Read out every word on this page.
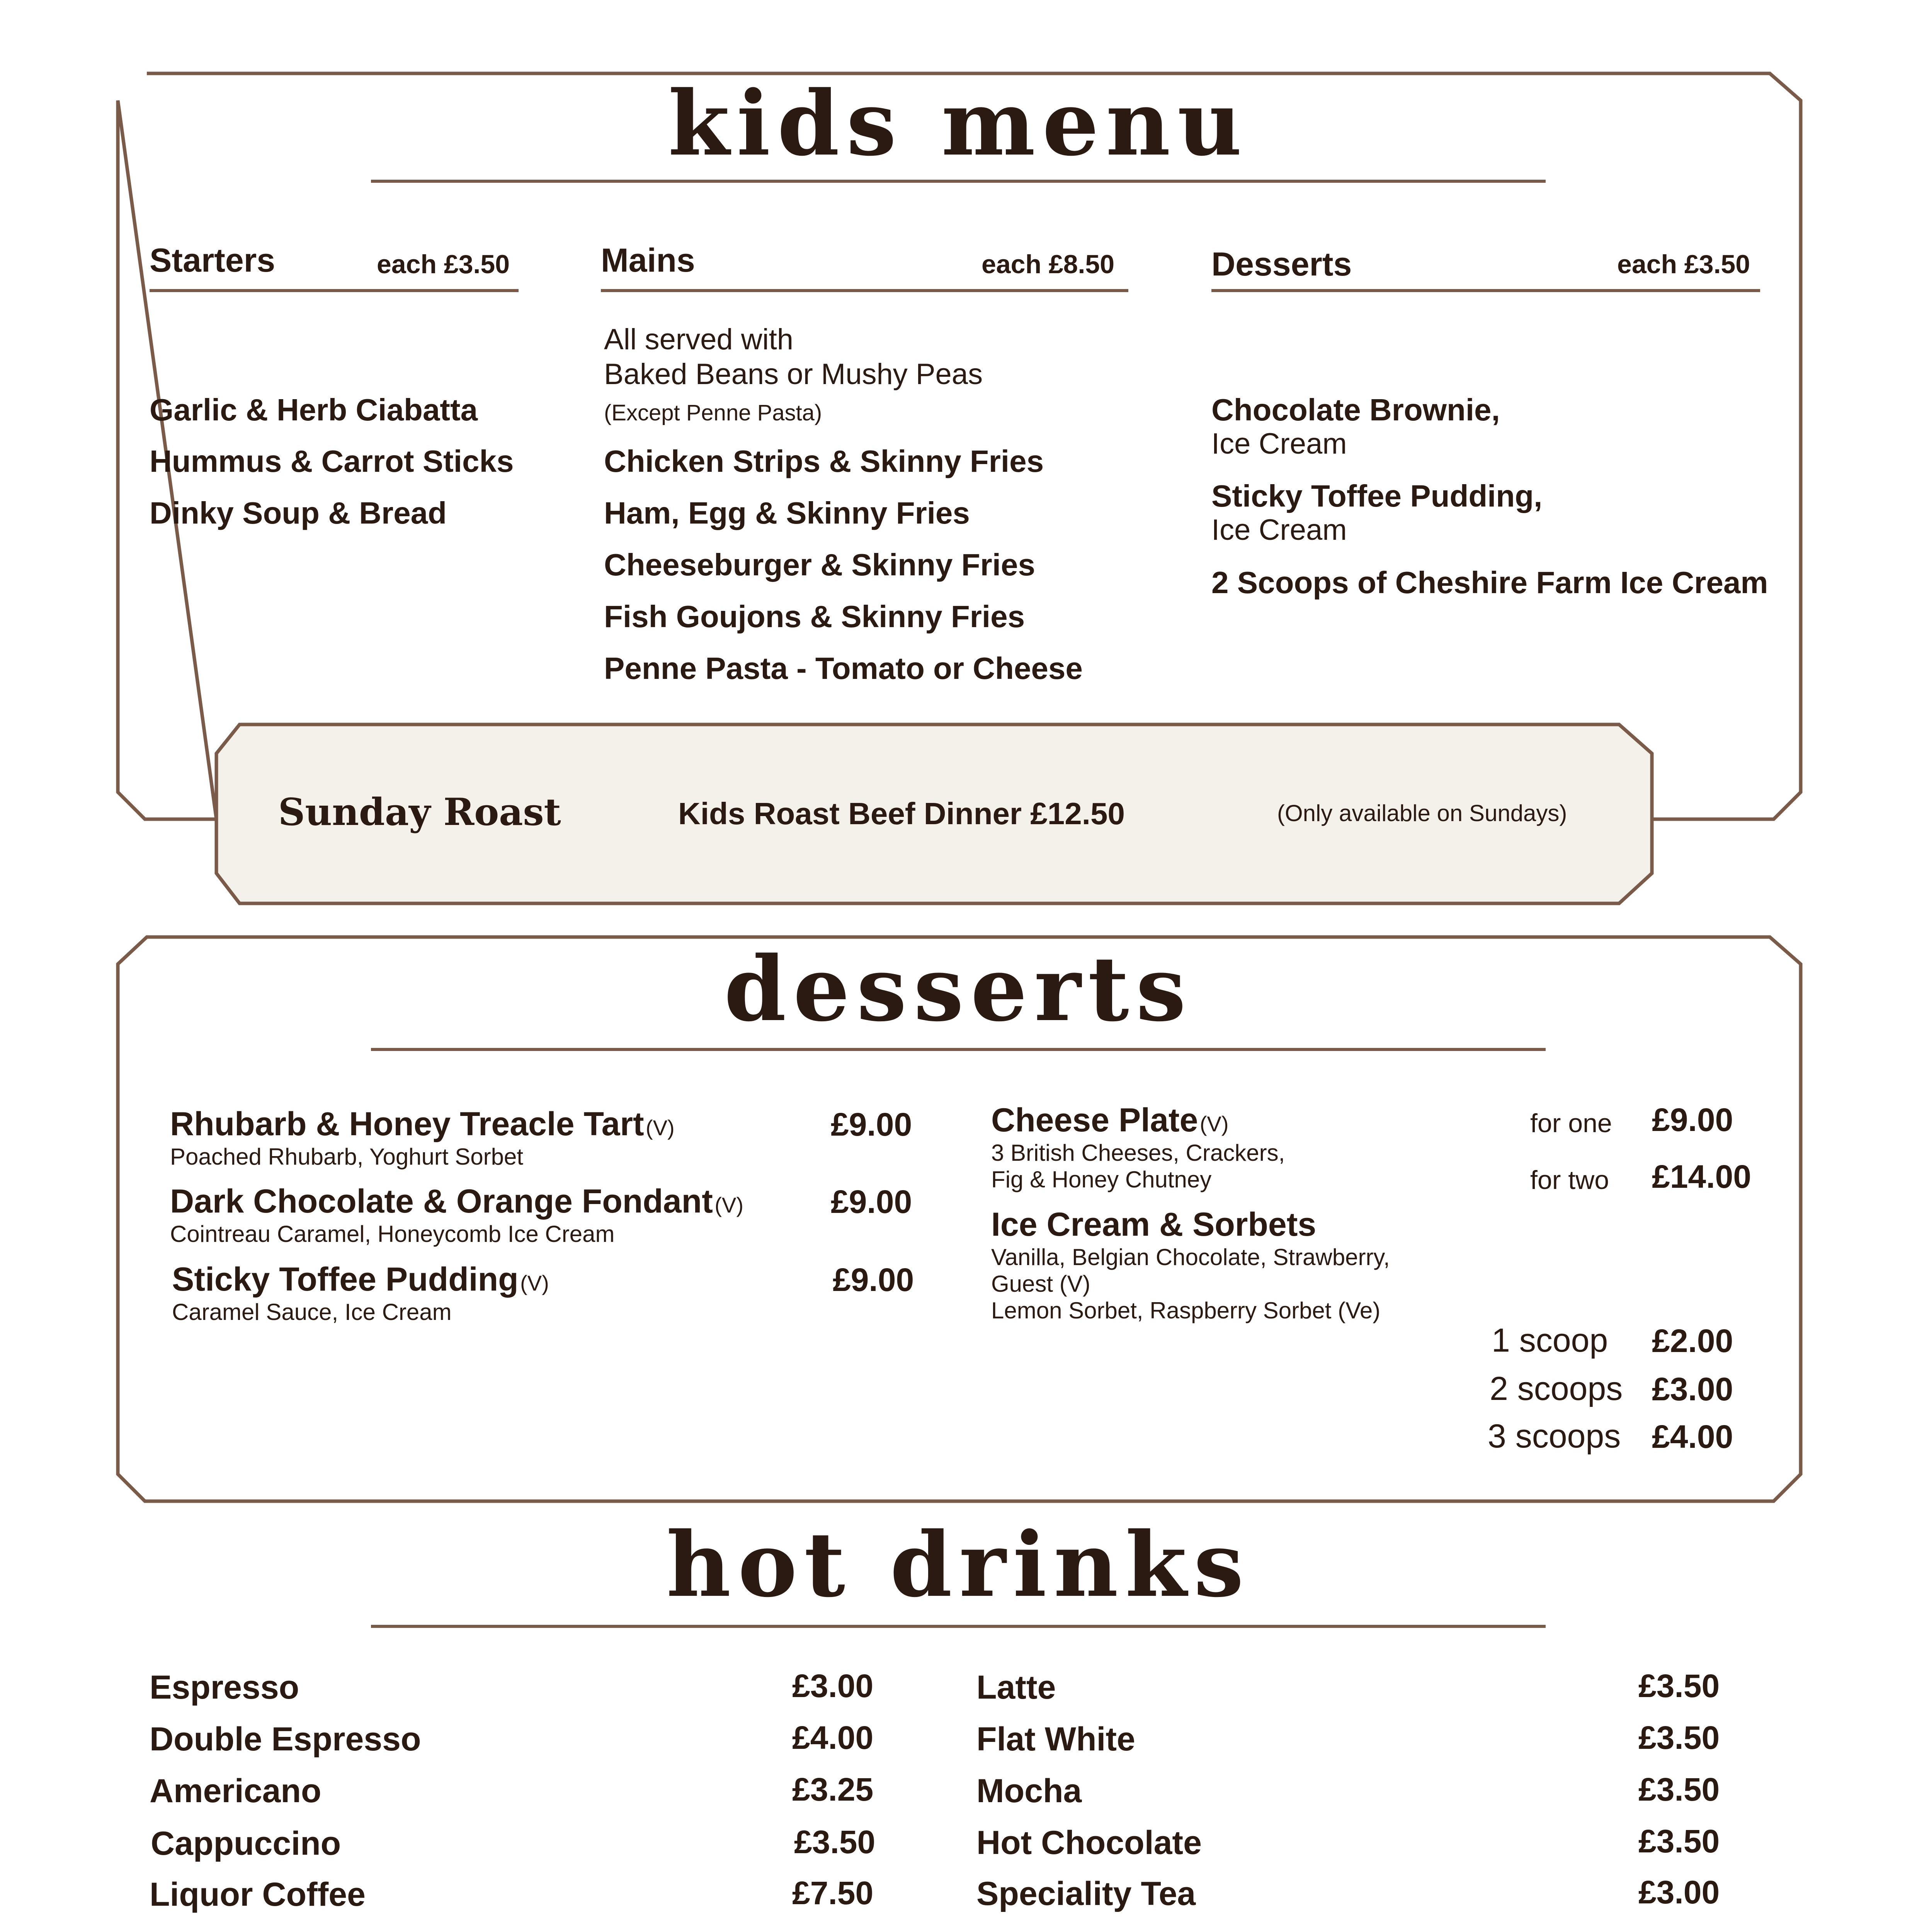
kids menu
Starters	each £3.50
Garlic & Herb Ciabatta
Hummus & Carrot Sticks
Dinky Soup & Bread
Mains	each £8.50
All served with
Baked Beans or Mushy Peas
(Except Penne Pasta)
Chicken Strips & Skinny Fries
Ham, Egg & Skinny Fries
Cheeseburger & Skinny Fries
Fish Goujons & Skinny Fries
Penne Pasta - Tomato or Cheese
Desserts	each £3.50
Chocolate Brownie,
Ice Cream
Sticky Toffee Pudding,
Ice Cream
2 Scoops of Cheshire Farm Ice Cream
Sunday Roast	Kids Roast Beef Dinner £12.50	(Only available on Sundays)
desserts
Rhubarb & Honey Treacle Tart (V)
Poached Rhubarb, Yoghurt Sorbet
£9.00
Dark Chocolate & Orange Fondant (V)
Cointreau Caramel, Honeycomb Ice Cream
£9.00
Sticky Toffee Pudding (V)
Caramel Sauce, Ice Cream
£9.00
Cheese Plate (V)
3 British Cheeses, Crackers,
Fig & Honey Chutney
for one £9.00
for two £14.00
Ice Cream & Sorbets
Vanilla, Belgian Chocolate, Strawberry,
Guest (V)
Lemon Sorbet, Raspberry Sorbet (Ve)
1 scoop £2.00
2 scoops £3.00
3 scoops £4.00
hot drinks
Espresso	£3.00
Double Espresso	£4.00
Americano	£3.25
Cappuccino	£3.50
Liquor Coffee	£7.50
Latte	£3.50
Flat White	£3.50
Mocha	£3.50
Hot Chocolate	£3.50
Speciality Tea	£3.00
